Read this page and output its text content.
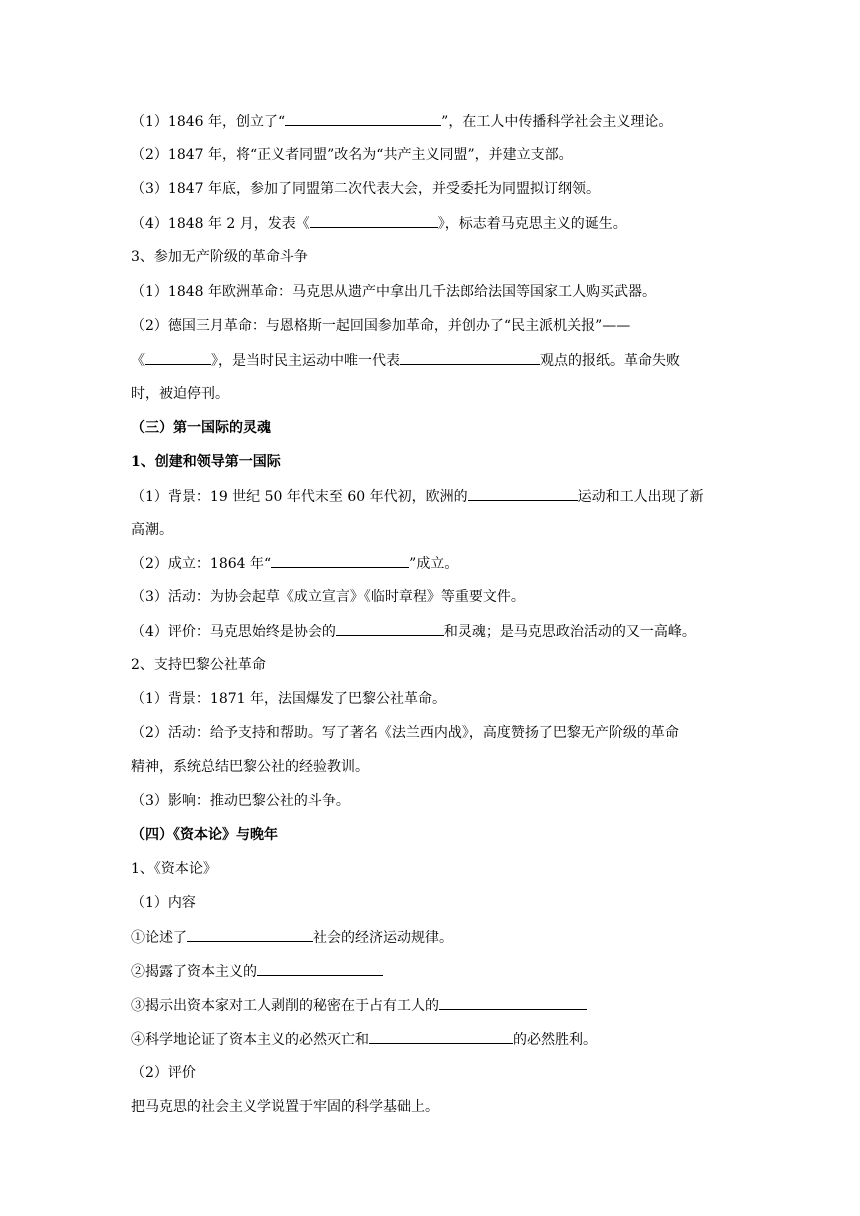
（1）1846 年，创立了“	”，在工人中传播科学社会主义理论。
（2）1847 年，将“正义者同盟”改名为“共产主义同盟”，并建立支部。
（3）1847 年底，参加了同盟第二次代表大会，并受委托为同盟拟订纲领。
（4）1848 年 2 月，发表《	》，标志着马克思主义的诞生。
3、参加无产阶级的革命斗争
（1）1848 年欧洲革命：马克思从遗产中拿出几千法郎给法国等国家工人购买武器。
（2）德国三月革命：与恩格斯一起回国参加革命，并创办了“民主派机关报”——
《	》，是当时民主运动中唯一代表	观点的报纸。革命失败
时，被迫停刊。
（三）第一国际的灵魂
1、创建和领导第一国际
（1）背景：19 世纪 50 年代末至 60 年代初，欧洲的	运动和工人出现了新
高潮。
（2）成立：1864 年“	”成立。
（3）活动：为协会起草《成立宣言》《临时章程》等重要文件。
（4）评价：马克思始终是协会的	和灵魂；是马克思政治活动的又一高峰。
2、支持巴黎公社革命
（1）背景：1871 年，法国爆发了巴黎公社革命。
（2）活动：给予支持和帮助。写了著名《法兰西内战》，高度赞扬了巴黎无产阶级的革命
精神，系统总结巴黎公社的经验教训。
（3）影响：推动巴黎公社的斗争。
（四）《资本论》与晚年
1、《资本论》
（1）内容
①论述了	社会的经济运动规律。
②揭露了资本主义的
③揭示出资本家对工人剥削的秘密在于占有工人的
④科学地论证了资本主义的必然灭亡和	的必然胜利。
（2）评价
把马克思的社会主义学说置于牢固的科学基础上。
